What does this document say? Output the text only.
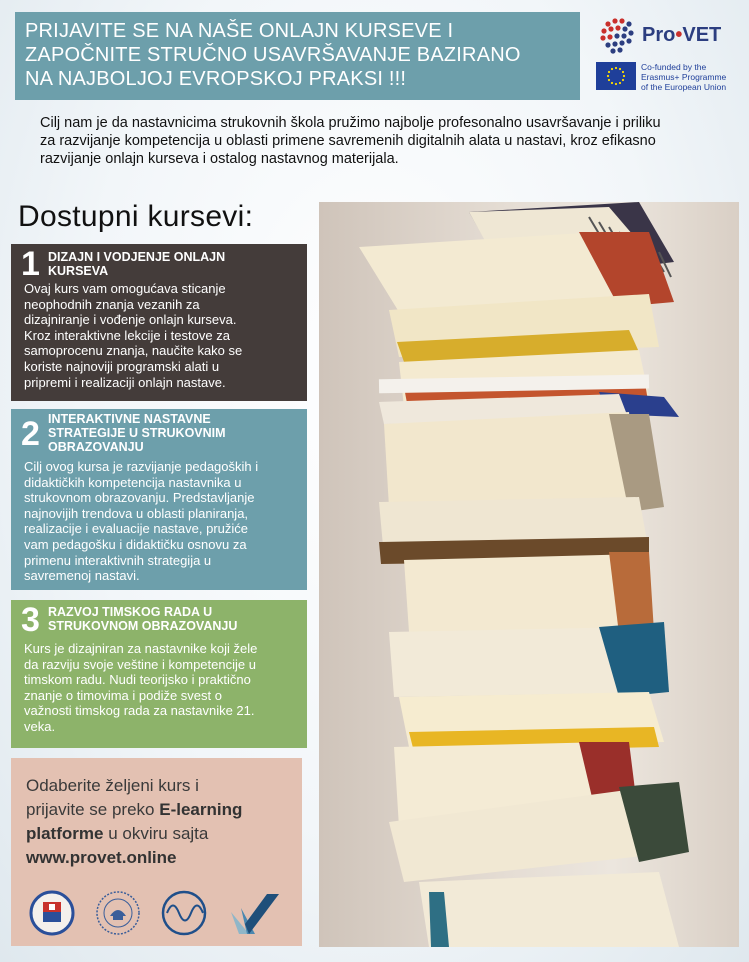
PRIJAVITE SE NA NAŠE ONLAJN KURSEVE I
ZAPOČNITE STRUČNO USAVRŠAVANJE BAZIRANO
NA NAJBOLJOJ EVROPSKOJ PRAKSI !!!
Pro•VET
Co-funded by the
Erasmus+ Programme
of the European Union
Cilj nam je da nastavnicima strukovnih škola pružimo najbolje profesonalno usavršavanje i priliku
za razvijanje kompetencija u oblasti primene savremenih digitalnih alata u nastavi, kroz efikasno
razvijanje onlajn kurseva i ostalog nastavnog materijala.
Dostupni kursevi:
1 DIZAJN I VODJENJE ONLAJN
KURSEVA
Ovaj kurs vam omogućava sticanje
neophodnih znanja vezanih za
dizajniranje i vođenje onlajn kurseva.
Kroz interaktivne lekcije i testove za
samoprocenu znanja, naučite kako se
koriste najnoviji programski alati u
pripremi i realizaciji onlajn nastave.
2 INTERAKTIVNE NASTAVNE
STRATEGIJE U STRUKOVNIM
OBRAZOVANJU
Cilj ovog kursa je razvijanje pedagoških i
didaktičkih kompetencija nastavnika u
strukovnom obrazovanju. Predstavljanje
najnovijih trendova u oblasti planiranja,
realizacije i evaluacije nastave, pružiće
vam pedagošku i didaktičku osnovu za
primenu interaktivnih strategija u
savremenoj nastavi.
3 RAZVOJ TIMSKOG RADA U
STRUKOVNOM OBRAZOVANJU
Kurs je dizajniran za nastavnike koji žele
da razviju svoje veštine i kompetencije u
timskom radu. Nudi teorijsko i praktično
znanje o timovima i podiže svest o
važnosti timskog rada za nastavnike 21.
veka.
Odaberite željeni kurs i
prijavite se preko E-learning
platforme u okviru sajta
www.provet.online
